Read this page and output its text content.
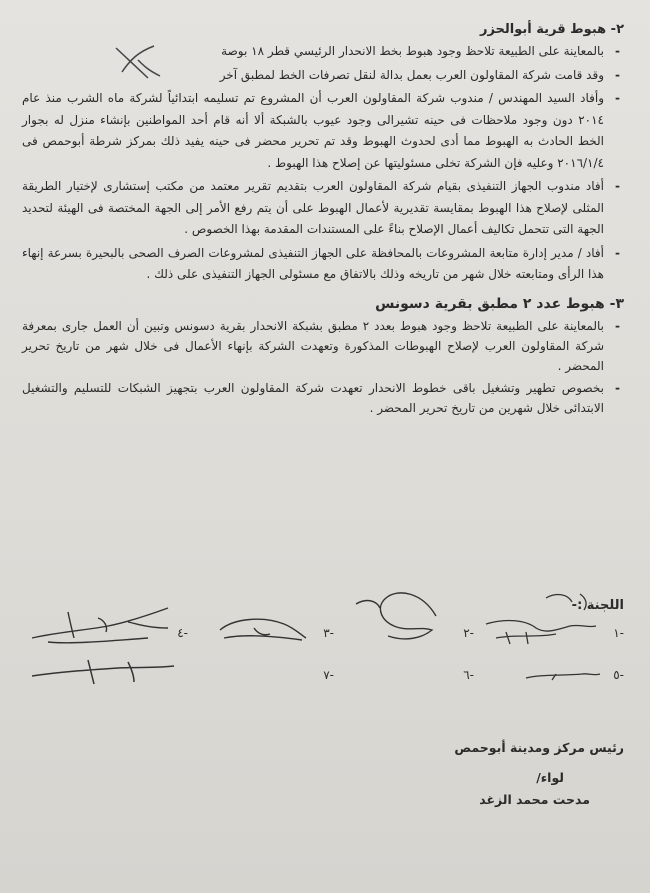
٢- هبوط قرية أبوالحزر
- بالمعاينة على الطبيعة تلاحظ وجود هبوط بخط الانحدار الرئيسي قطر ١٨ بوصة
- وقد قامت شركة المقاولون العرب بعمل بدالة لنقل تصرفات الخط لمطبق آخر
- وأفاد السيد المهندس / مندوب شركة المقاولون العرب أن المشروع تم تسليمه ابتدائياً لشركة ماه الشرب منذ عام ٢٠١٤ دون وجود ملاحظات فى حينه تشيرالى وجود عيوب بالشبكة ألا أنه قام أحد المواطنين بإنشاء منزل له بجوار الخط الحادث به الهبوط مما أدى لحدوث الهبوط وقد تم تحرير محضر فى حينه يفيد ذلك بمركز شرطة أبوحمص فى ٢٠١٦/١/٤ وعليه فإن الشركة تخلى مسئوليتها عن إصلاح هذا الهبوط .
- أفاد مندوب الجهاز التنفيذى بقيام شركة المقاولون العرب بتقديم تقرير معتمد من مكتب إستشارى لإختيار الطريقة المثلى لإصلاح هذا الهبوط بمقايسة تقديرية لأعمال الهبوط على أن يتم رفع الأمر إلى الجهة المختصة فى الهيئة لتحديد الجهة التى تتحمل تكاليف أعمال الإصلاح بناءً على المستندات المقدمة بهذا الخصوص .
- أفاد / مدير إدارة متابعة المشروعات بالمحافظة على الجهاز التنفيذى لمشروعات الصرف الصحى بالبحيرة بسرعة إنهاء هذا الرأى ومتابعته خلال شهر من تاريخه وذلك بالاتفاق مع مسئولى الجهاز التنفيذى على ذلك .
٣- هبوط عدد ٢ مطبق بقرية دسونس
- بالمعاينة على الطبيعة تلاحظ وجود هبوط بعدد ٢ مطبق بشبكة الانحدار بقرية دسونس وتبين أن العمل جارى بمعرفة شركة المقاولون العرب لإصلاح الهبوطات المذكورة وتعهدت الشركة بإنهاء الأعمال فى خلال شهر من تاريخ تحرير المحضر .
- بخصوص تطهير وتشغيل باقى خطوط الانحدار تعهدت شركة المقاولون العرب بتجهيز الشبكات للتسليم والتشغيل الابتدائى خلال شهرين من تاريخ تحرير المحضر .
اللجنة :-
-١
-٢
-٣
-٤
-٥
-٦
-٧
رئيس مركز ومدينة أبوحمص
لواء/
مدحت محمد الزغد
